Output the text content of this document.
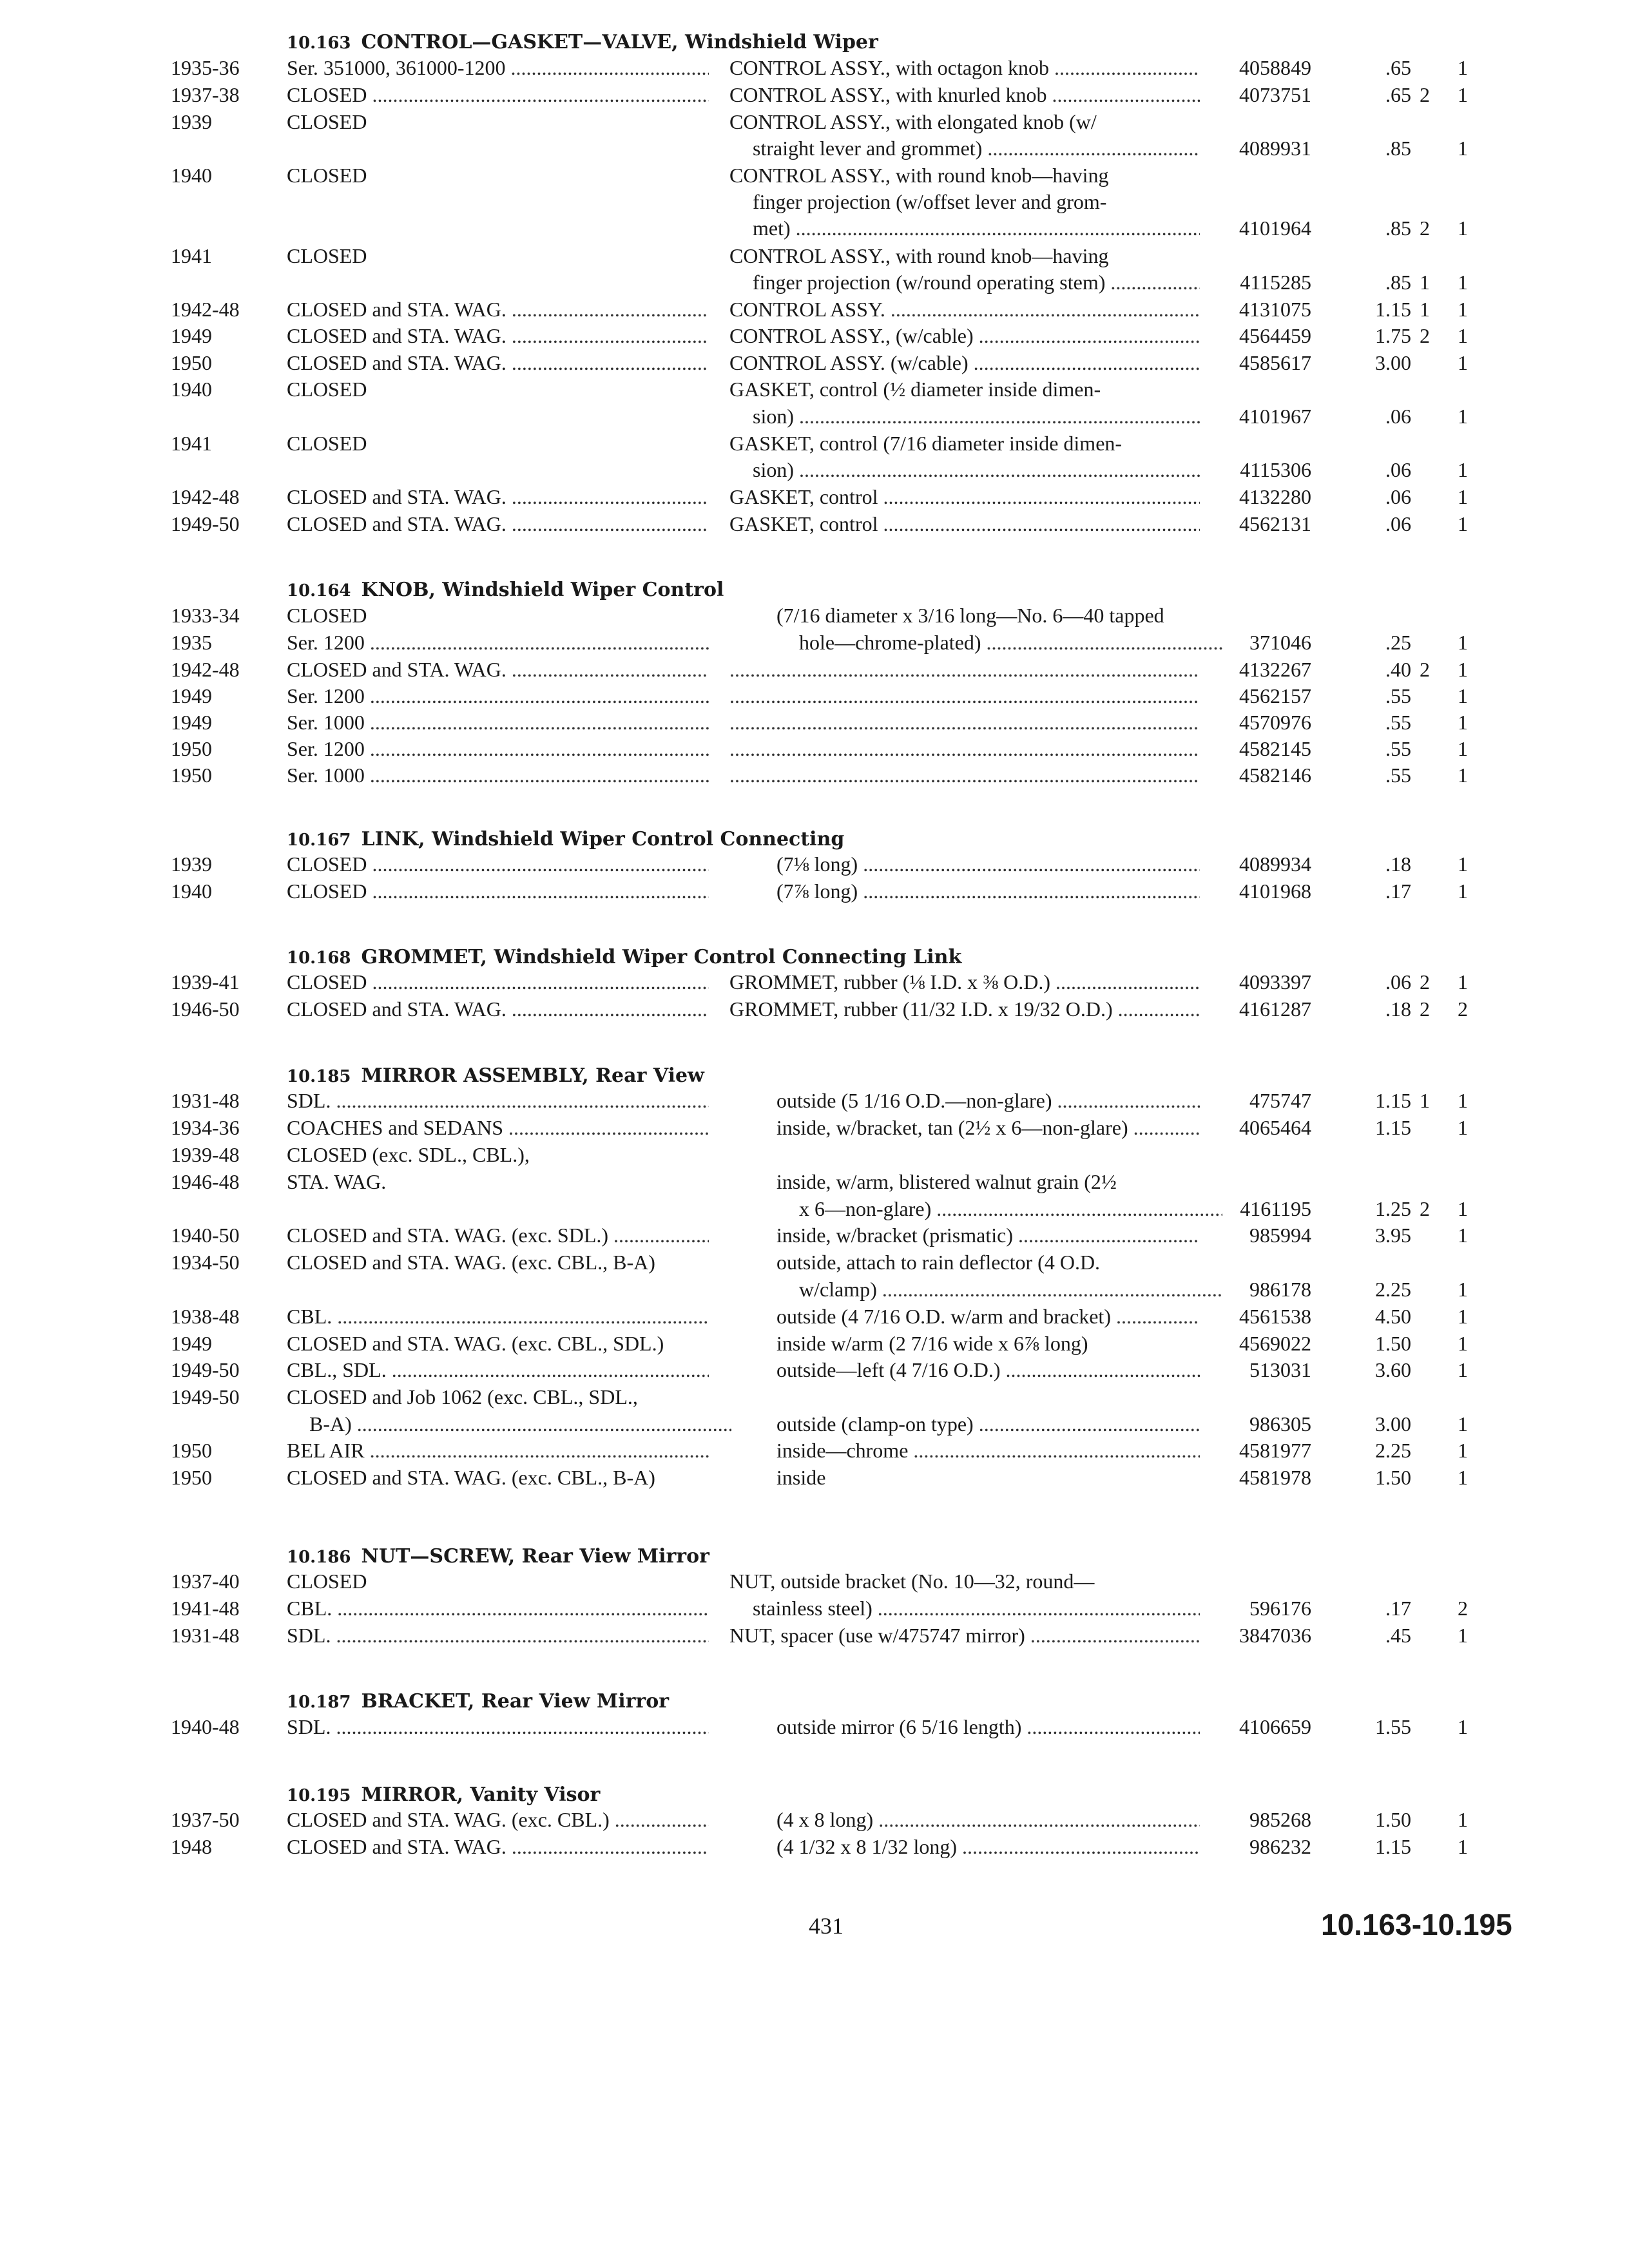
10.163 CONTROL—GASKET—VALVE, Windshield Wiper
1935-36	Ser. 351000, 361000-1200 .....	CONTROL ASSY., with octagon knob .....	4058849	.65	1
1937-38	CLOSED .....	CONTROL ASSY., with knurled knob .....	4073751	.65 2	1
1939	CLOSED	CONTROL ASSY., with elongated knob (w/
straight lever and grommet) .....	4089931	.85	1
1940	CLOSED	CONTROL ASSY., with round knob—having
finger projection (w/offset lever and grom-
met) .....	4101964	.85 2	1
1941	CLOSED	CONTROL ASSY., with round knob—having
finger projection (w/round operating stem) .....	4115285	.85 1	1
1942-48	CLOSED and STA. WAG. .....	CONTROL ASSY. .....	4131075	1.15 1	1
1949	CLOSED and STA. WAG. .....	CONTROL ASSY., (w/cable) .....	4564459	1.75 2	1
1950	CLOSED and STA. WAG. .....	CONTROL ASSY. (w/cable) .....	4585617	3.00	1
1940	CLOSED	GASKET, control (½ diameter inside dimen-
sion) .....	4101967	.06	1
1941	CLOSED	GASKET, control (7/16 diameter inside dimen-
sion) .....	4115306	.06	1
1942-48	CLOSED and STA. WAG. .....	GASKET, control .....	4132280	.06	1
1949-50	CLOSED and STA. WAG. .....	GASKET, control .....	4562131	.06	1
10.164 KNOB, Windshield Wiper Control
1933-34	CLOSED	(7/16 diameter x 3/16 long—No. 6—40 tapped
1935	Ser. 1200 .....	hole—chrome-plated) .....	371046	.25	1
1942-48	CLOSED and STA. WAG. ..... .....	4132267	.40 2	1
1949	Ser. 1200 ..... .....	4562157	.55	1
1949	Ser. 1000 ..... .....	4570976	.55	1
1950	Ser. 1200 ..... .....	4582145	.55	1
1950	Ser. 1000 ..... .....	4582146	.55	1
10.167 LINK, Windshield Wiper Control Connecting
1939	CLOSED .....	(7⅛ long) .....	4089934	.18	1
1940	CLOSED .....	(7⅞ long) .....	4101968	.17	1
10.168 GROMMET, Windshield Wiper Control Connecting Link
1939-41	CLOSED .....	GROMMET, rubber (⅛ I.D. x ⅜ O.D.) .....	4093397	.06 2	1
1946-50	CLOSED and STA. WAG. .....	GROMMET, rubber (11/32 I.D. x 19/32 O.D.) .....	4161287	.18 2	2
10.185 MIRROR ASSEMBLY, Rear View
1931-48	SDL. .....	outside (5 1/16 O.D.—non-glare) .....	475747	1.15 1	1
1934-36	COACHES and SEDANS .....	inside, w/bracket, tan (2½ x 6—non-glare) .....	4065464	1.15	1
1939-48	CLOSED (exc. SDL., CBL.),
1946-48	STA. WAG.	inside, w/arm, blistered walnut grain (2½
x 6—non-glare) .....	4161195	1.25 2	1
1940-50	CLOSED and STA. WAG. (exc. SDL.) .....	inside, w/bracket (prismatic) .....	985994	3.95	1
1934-50	CLOSED and STA. WAG. (exc. CBL., B-A)	outside, attach to rain deflector (4 O.D.
w/clamp) .....	986178	2.25	1
1938-48	CBL. .....	outside (4 7/16 O.D. w/arm and bracket) .....	4561538	4.50	1
1949	CLOSED and STA. WAG. (exc. CBL., SDL.)	inside w/arm (2 7/16 wide x 6⅞ long)	4569022	1.50	1
1949-50	CBL., SDL. .....	outside—left (4 7/16 O.D.) .....	513031	3.60	1
1949-50	CLOSED and Job 1062 (exc. CBL., SDL.,
B-A) .....	outside (clamp-on type) .....	986305	3.00	1
1950	BEL AIR .....	inside—chrome .....	4581977	2.25	1
1950	CLOSED and STA. WAG. (exc. CBL., B-A)	inside	4581978	1.50	1
10.186 NUT—SCREW, Rear View Mirror
1937-40	CLOSED	NUT, outside bracket (No. 10—32, round—
1941-48	CBL. .....	stainless steel) .....	596176	.17	2
1931-48	SDL. .....	NUT, spacer (use w/475747 mirror) .....	3847036	.45	1
10.187 BRACKET, Rear View Mirror
1940-48	SDL. .....	outside mirror (6 5/16 length) .....	4106659	1.55	1
10.195 MIRROR, Vanity Visor
1937-50	CLOSED and STA. WAG. (exc. CBL.) .....	(4 x 8 long) .....	985268	1.50	1
1948	CLOSED and STA. WAG. .....	(4 1/32 x 8 1/32 long) .....	986232	1.15	1
431	10.163-10.195
